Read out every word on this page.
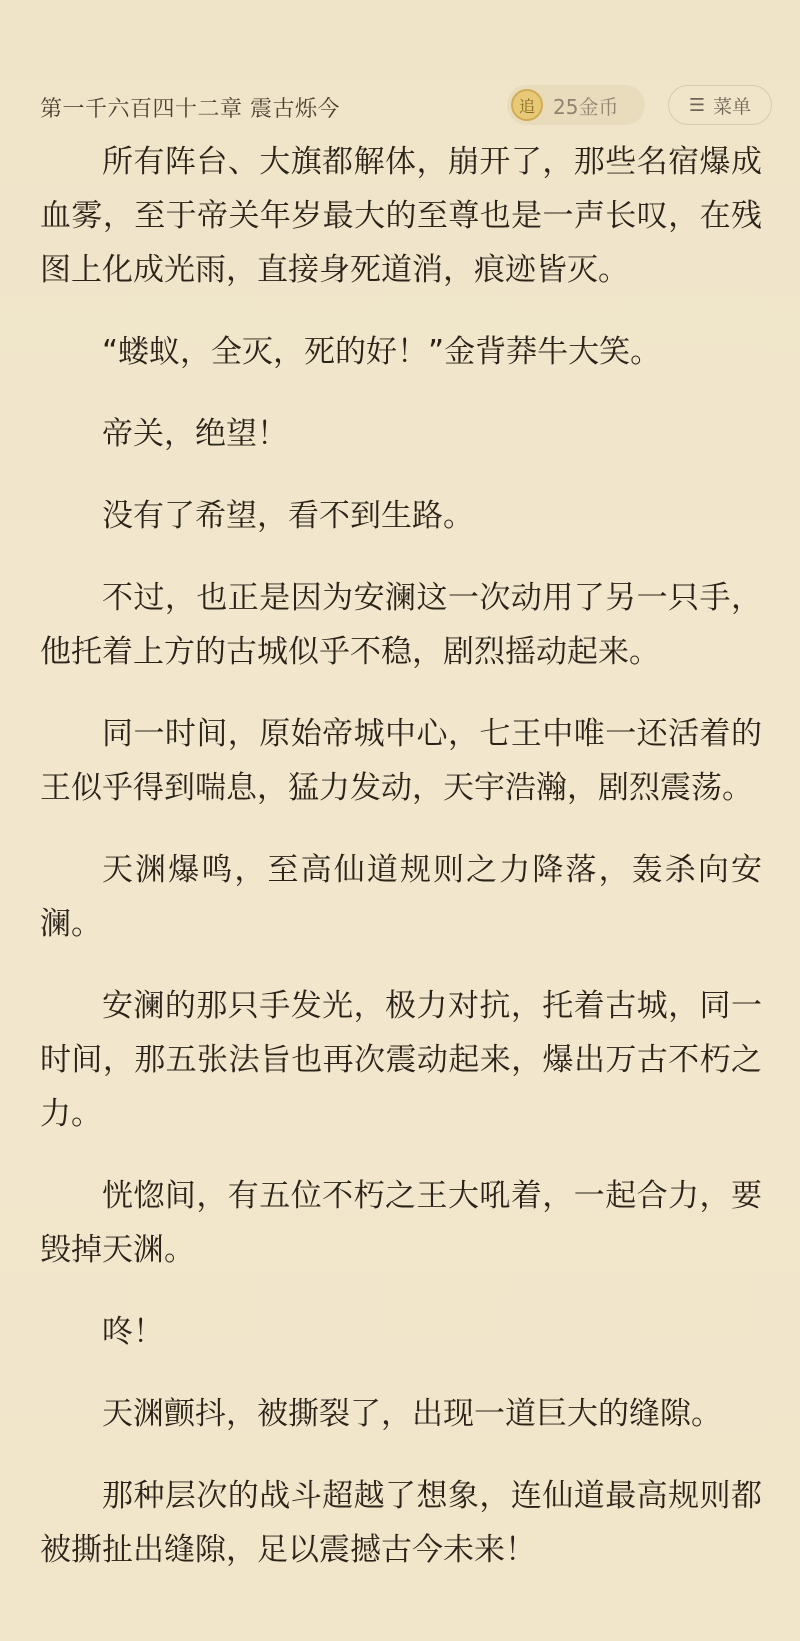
第一千六百四十二章 震古烁今	追 25金币	☰ 菜单

所有阵台、大旗都解体，崩开了，那些名宿爆成血雾，至于帝关年岁最大的至尊也是一声长叹，在残图上化成光雨，直接身死道消，痕迹皆灭。

“蝼蚁，全灭，死的好！”金背莽牛大笑。

帝关，绝望！

没有了希望，看不到生路。

不过，也正是因为安澜这一次动用了另一只手，他托着上方的古城似乎不稳，剧烈摇动起来。

同一时间，原始帝城中心，七王中唯一还活着的王似乎得到喘息，猛力发动，天宇浩瀚，剧烈震荡。

天渊爆鸣，至高仙道规则之力降落，轰杀向安澜。

安澜的那只手发光，极力对抗，托着古城，同一时间，那五张法旨也再次震动起来，爆出万古不朽之力。

恍惚间，有五位不朽之王大吼着，一起合力，要毁掉天渊。

咚！

天渊颤抖，被撕裂了，出现一道巨大的缝隙。

那种层次的战斗超越了想象，连仙道最高规则都被撕扯出缝隙，足以震撼古今未来！
